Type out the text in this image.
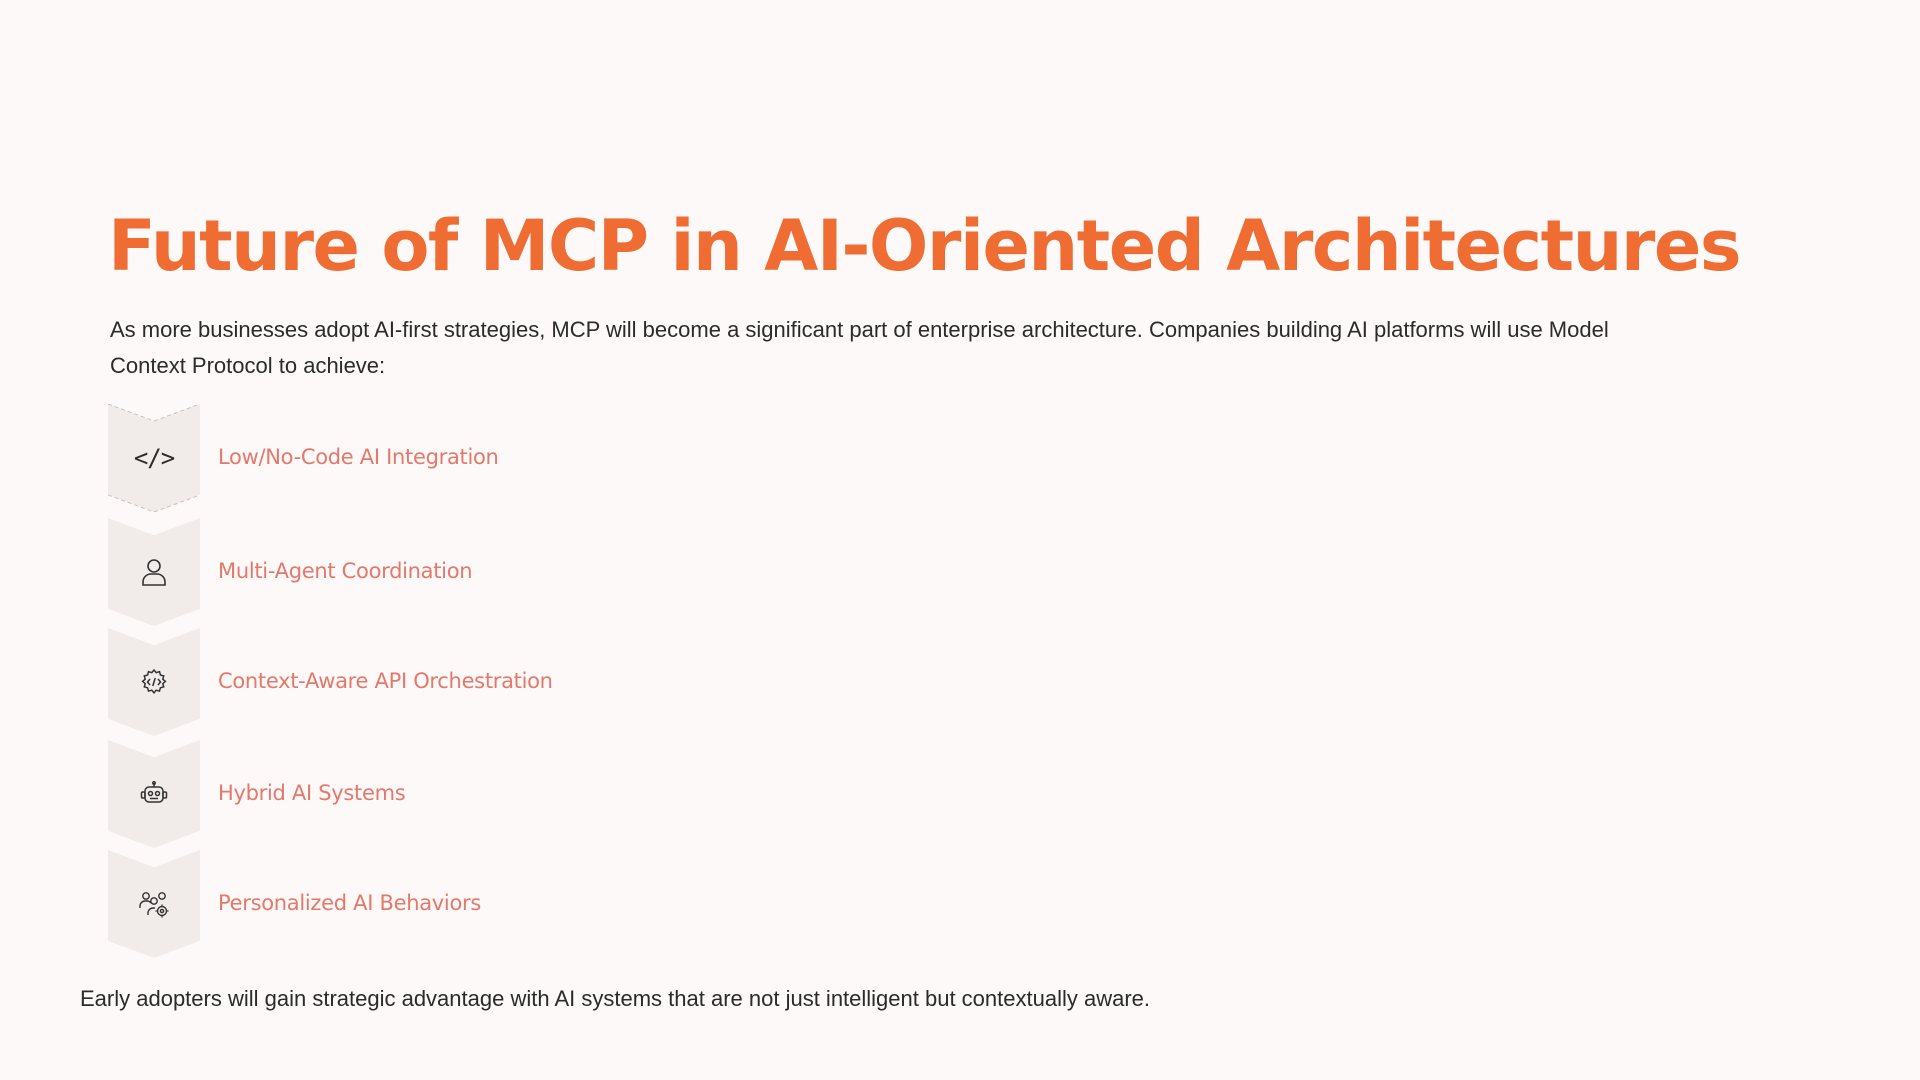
Future of MCP in AI-Oriented Architectures

As more businesses adopt AI-first strategies, MCP will become a significant part of enterprise architecture. Companies building AI platforms will use Model Context Protocol to achieve:

</> Low/No-Code AI Integration
Multi-Agent Coordination
Context-Aware API Orchestration
Hybrid AI Systems
Personalized AI Behaviors

Early adopters will gain strategic advantage with AI systems that are not just intelligent but contextually aware.
